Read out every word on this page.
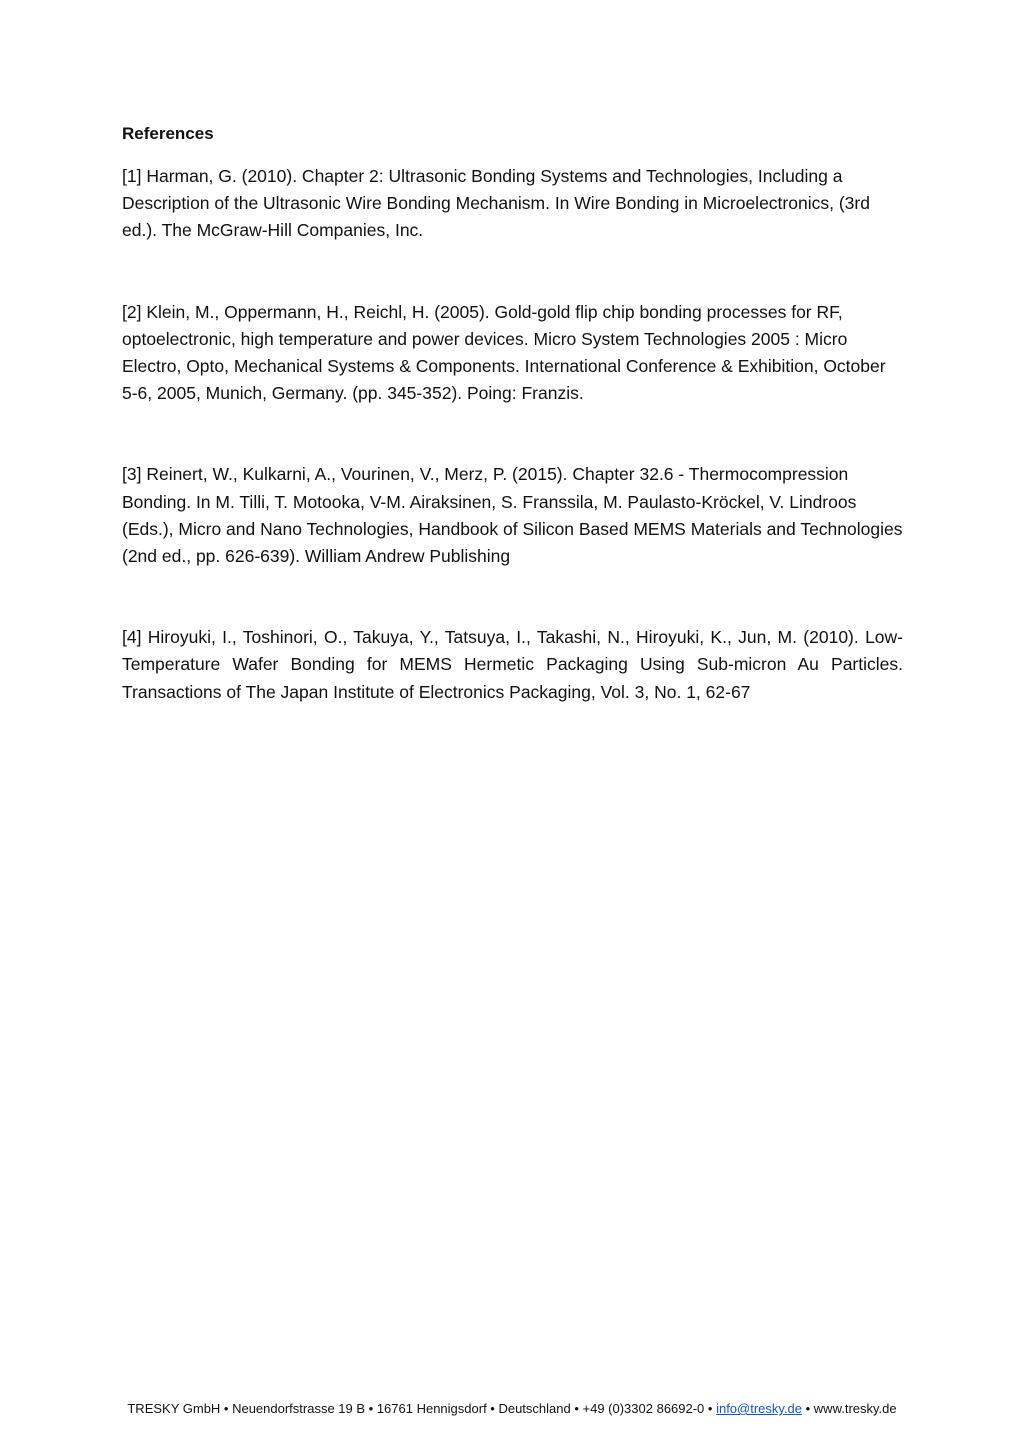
References

[1] Harman, G. (2010). Chapter 2: Ultrasonic Bonding Systems and Technologies, Including a Description of the Ultrasonic Wire Bonding Mechanism. In Wire Bonding in Microelectronics, (3rd ed.). The McGraw-Hill Companies, Inc.

[2] Klein, M., Oppermann, H., Reichl, H. (2005). Gold-gold flip chip bonding processes for RF, optoelectronic, high temperature and power devices. Micro System Technologies 2005 : Micro Electro, Opto, Mechanical Systems & Components. International Conference & Exhibition, October 5-6, 2005, Munich, Germany. (pp. 345-352). Poing: Franzis.

[3] Reinert, W., Kulkarni, A., Vourinen, V., Merz, P. (2015). Chapter 32.6 - Thermocompression Bonding. In M. Tilli, T. Motooka, V-M. Airaksinen, S. Franssila, M. Paulasto-Kröckel, V. Lindroos (Eds.), Micro and Nano Technologies, Handbook of Silicon Based MEMS Materials and Technologies (2nd ed., pp. 626-639). William Andrew Publishing

[4] Hiroyuki, I., Toshinori, O., Takuya, Y., Tatsuya, I., Takashi, N., Hiroyuki, K., Jun, M. (2010). Low-Temperature Wafer Bonding for MEMS Hermetic Packaging Using Sub-micron Au Particles. Transactions of The Japan Institute of Electronics Packaging, Vol. 3, No. 1, 62-67

TRESKY GmbH • Neuendorfstrasse 19 B • 16761 Hennigsdorf • Deutschland • +49 (0)3302 86692-0 • info@tresky.de • www.tresky.de
